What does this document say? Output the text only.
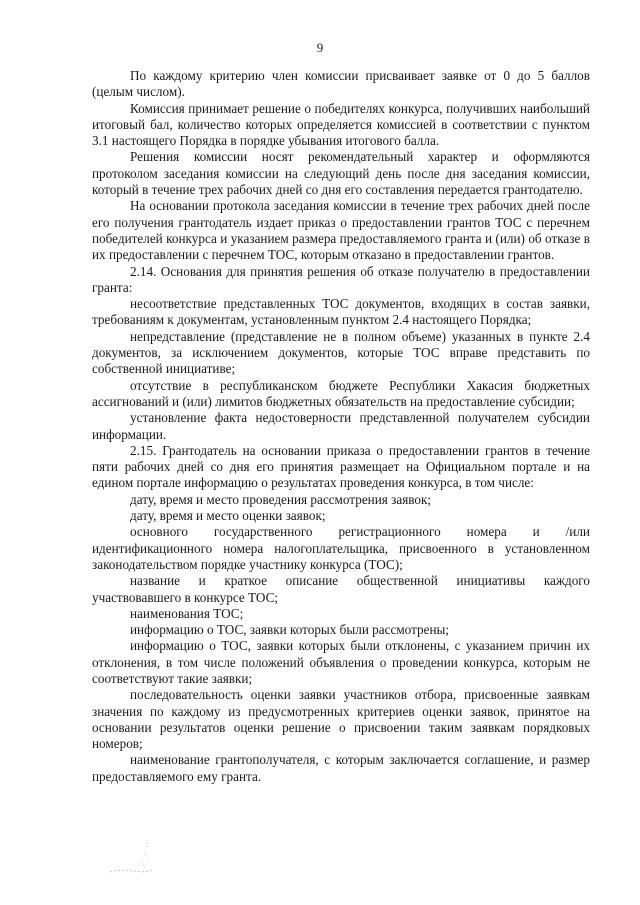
9

По каждому критерию член комиссии присваивает заявке от 0 до 5 баллов (целым числом).

Комиссия принимает решение о победителях конкурса, получивших наибольший итоговый бал, количество которых определяется комиссией в соответствии с пунктом 3.1 настоящего Порядка в порядке убывания итогового балла.

Решения комиссии носят рекомендательный характер и оформляются протоколом заседания комиссии на следующий день после дня заседания комиссии, который в течение трех рабочих дней со дня его составления передается грантодателю.

На основании протокола заседания комиссии в течение трех рабочих дней после его получения грантодатель издает приказ о предоставлении грантов ТОС с перечнем победителей конкурса и указанием размера предоставляемого гранта и (или) об отказе в их предоставлении с перечнем ТОС, которым отказано в предоставлении грантов.

2.14. Основания для принятия решения об отказе получателю в предоставлении гранта:

несоответствие представленных ТОС документов, входящих в состав заявки, требованиям к документам, установленным пунктом 2.4 настоящего Порядка;

непредставление (представление не в полном объеме) указанных в пункте 2.4 документов, за исключением документов, которые ТОС вправе представить по собственной инициативе;

отсутствие в республиканском бюджете Республики Хакасия бюджетных ассигнований и (или) лимитов бюджетных обязательств на предоставление субсидии;

установление факта недостоверности представленной получателем субсидии информации.

2.15. Грантодатель на основании приказа о предоставлении грантов в течение пяти рабочих дней со дня его принятия размещает на Официальном портале и на едином портале информацию о результатах проведения конкурса, в том числе:

дату, время и место проведения рассмотрения заявок;

дату, время и место оценки заявок;

основного государственного регистрационного номера и /или идентификационного номера налогоплательщика, присвоенного в установленном законодательством порядке участнику конкурса (ТОС);

название и краткое описание общественной инициативы каждого участвовавшего в конкурсе ТОС;

наименования ТОС;

информацию о ТОС, заявки которых были рассмотрены;

информацию о ТОС, заявки которых были отклонены, с указанием причин их отклонения, в том числе положений объявления о проведении конкурса, которым не соответствуют такие заявки;

последовательность оценки заявки участников отбора, присвоенные заявкам значения по каждому из предусмотренных критериев оценки заявок, принятое на основании результатов оценки решение о присвоении таким заявкам порядковых номеров;

наименование грантополучателя, с которым заключается соглашение, и размер предоставляемого ему гранта.
